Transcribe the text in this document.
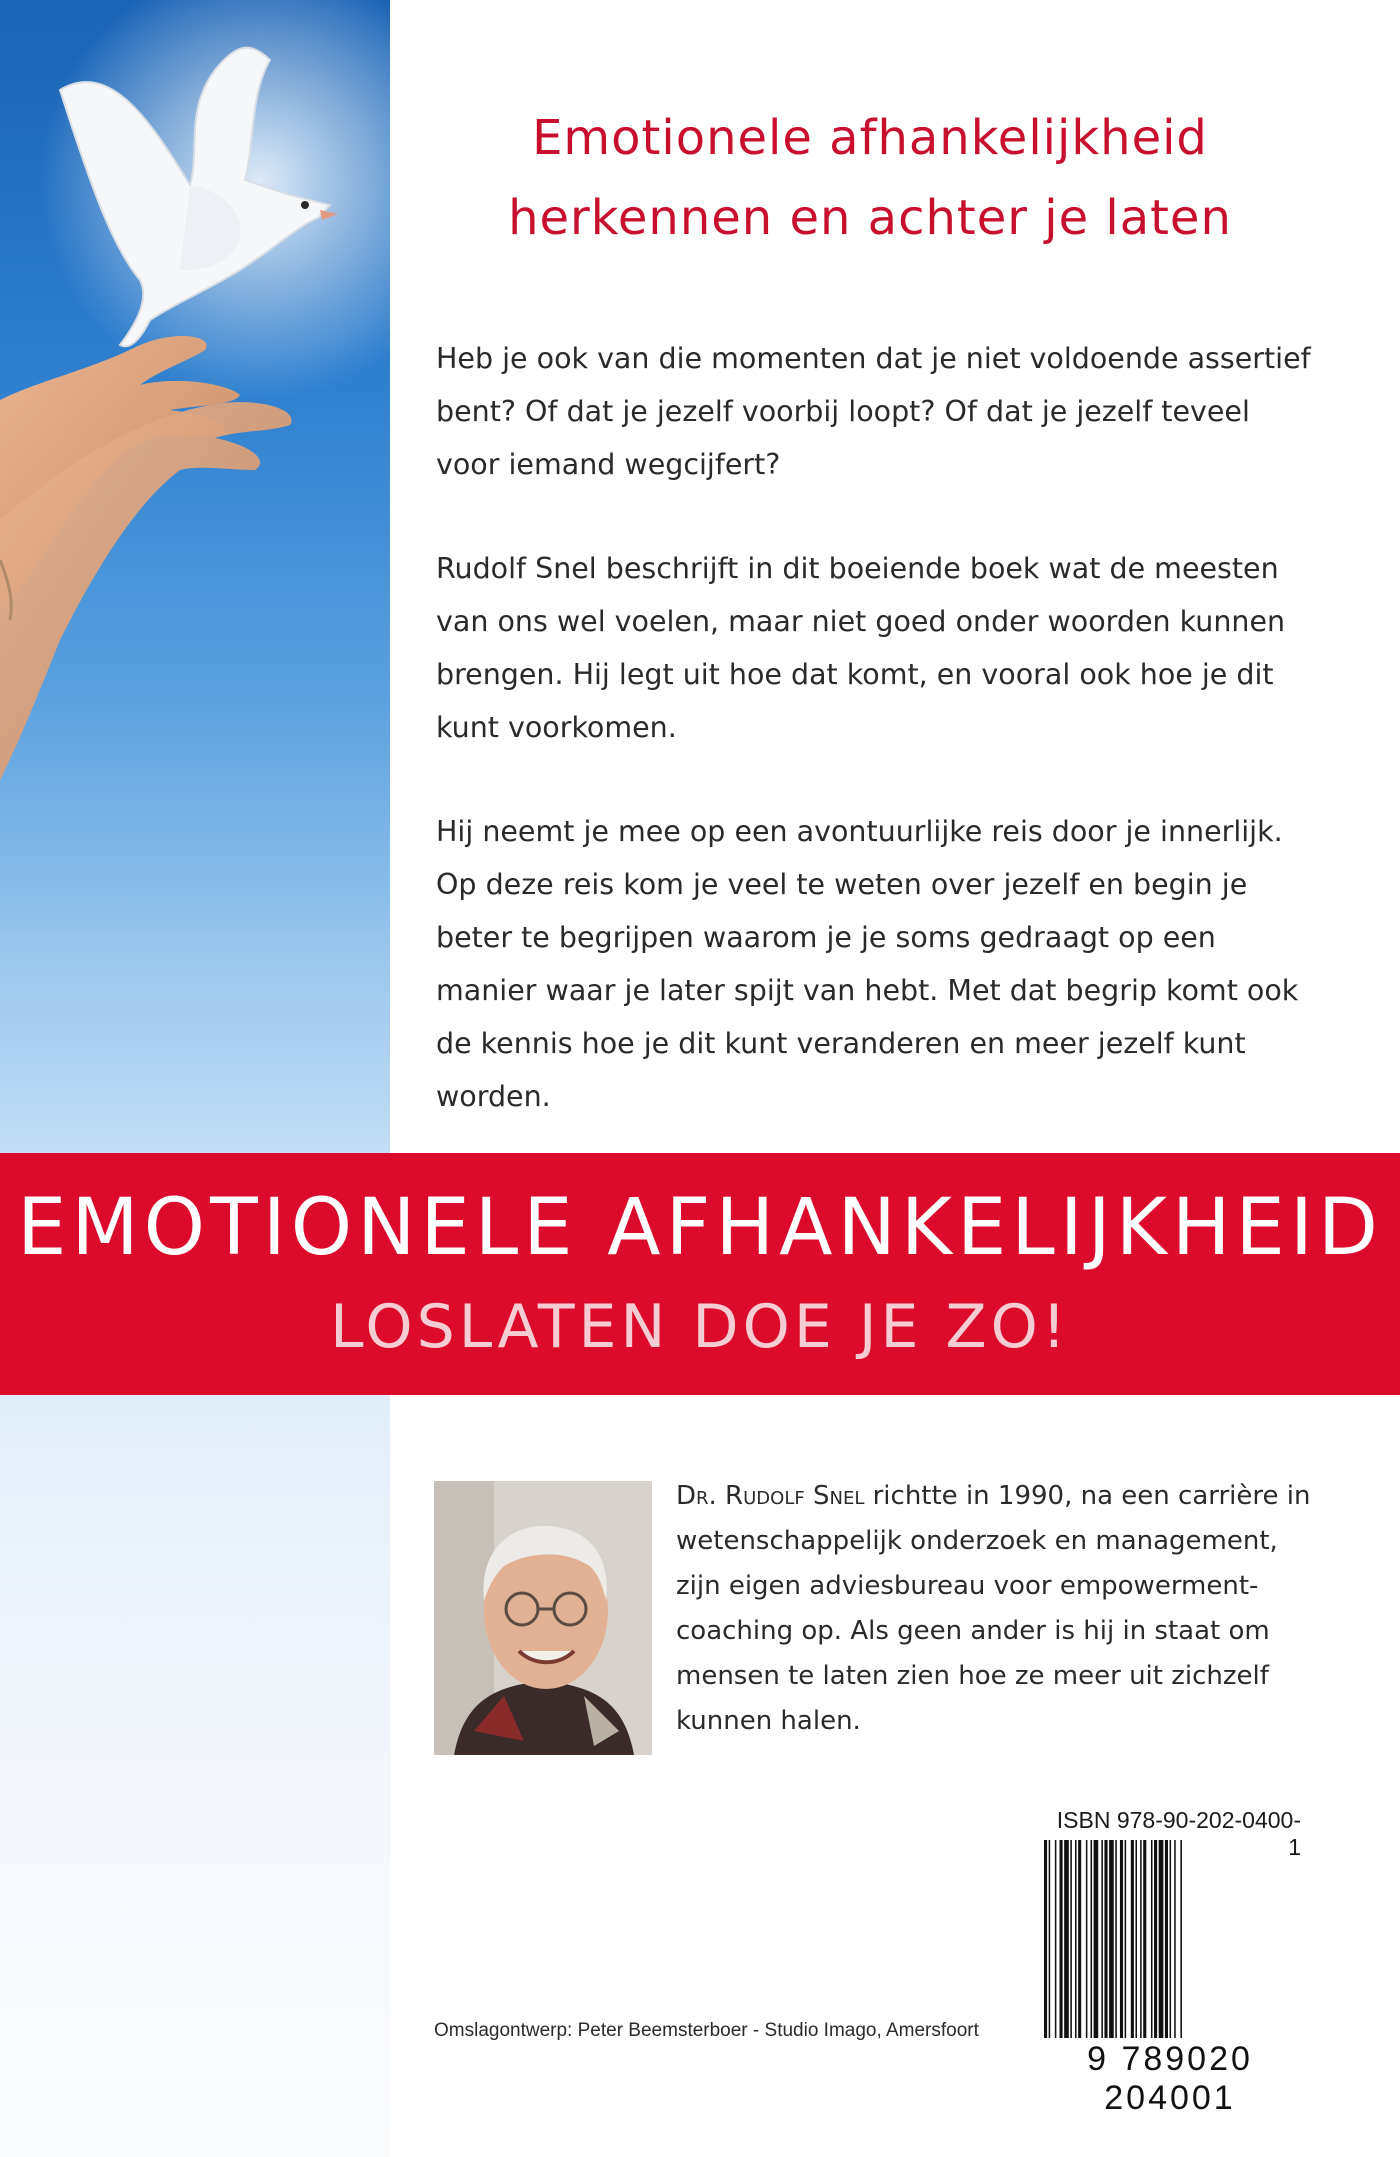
Emotionele afhankelijkheid
herkennen en achter je laten

Heb je ook van die momenten dat je niet voldoende assertief bent? Of dat je jezelf voorbij loopt? Of dat je jezelf teveel voor iemand wegcijfert?

Rudolf Snel beschrijft in dit boeiende boek wat de meesten van ons wel voelen, maar niet goed onder woorden kunnen brengen. Hij legt uit hoe dat komt, en vooral ook hoe je dit kunt voorkomen.

Hij neemt je mee op een avontuurlijke reis door je innerlijk. Op deze reis kom je veel te weten over jezelf en begin je beter te begrijpen waarom je je soms gedraagt op een manier waar je later spijt van hebt. Met dat begrip komt ook de kennis hoe je dit kunt veranderen en meer jezelf kunt worden.

EMOTIONELE AFHANKELIJKHEID
LOSLATEN DOE JE ZO!

Dr. Rudolf Snel richtte in 1990, na een carrière in wetenschappelijk onderzoek en management, zijn eigen adviesbureau voor empowerment-coaching op. Als geen ander is hij in staat om mensen te laten zien hoe ze meer uit zichzelf kunnen halen.

ISBN 978-90-202-0400-1
9 789020 204001
Omslagontwerp: Peter Beemsterboer - Studio Imago, Amersfoort
